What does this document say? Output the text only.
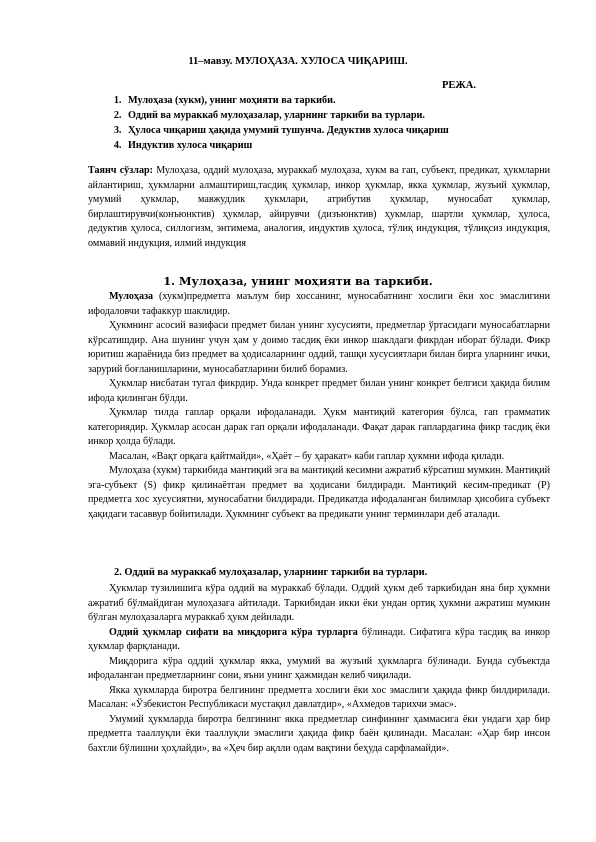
11–мавзу. МУЛОҲАЗА. ХУЛОСА ЧИҚАРИШ.
РЕЖА.
1. Мулоҳаза (хукм), унинг моҳияти ва таркиби.
2. Оддий ва мураккаб мулоҳазалар, уларнинг таркиби ва турлари.
3. Ҳулоса чиқариш ҳақида умумий тушунча. Дедуктив хулоса чиқариш
4. Индуктив хулоса чиқариш

Таянч сўзлар: Мулоҳаза, оддий мулоҳаза, мураккаб мулоҳаза, хукм ва гап, субъект, предикат, ҳукмларни айлантириш, ҳукмларни алмаштириш,тасдиқ ҳукмлар, инкор ҳукмлар, якка ҳукмлар, жузъий ҳукмлар, умумий ҳукмлар, мавжудлик ҳукмлари, атрибутив ҳукмлар, муносабат ҳукмлар, бирлаштирувчи(конъюнктив) ҳукмлар, айирувчи (дизъюнктив) ҳукмлар, шартли ҳукмлар, ҳулоса, дедуктив ҳулоса, силлогизм, энтимема, аналогия, индуктив ҳулоса, тўлиқ индукция, тўлиқсиз индукция, оммавий индукция, илмий индукция

1. Мулоҳаза, унинг моҳияти ва таркиби.

Мулоҳаза (хукм)предметга маълум бир хоссанинг, муносабатнинг хослиги ёки хос эмаслигини ифодаловчи тафаккур шаклидир.

Ҳукмнинг асосий вазифаси предмет билан унинг хусусияти, предметлар ўртасидаги муносабатларни кўрсатишдир. Ана шунинг учун ҳам у доимо тасдиқ ёки инкор шаклдаги фикрдан иборат бўлади. Фикр юритиш жараёнида биз предмет ва ҳодисаларнинг оддий, ташқи хусусиятлари билан бирга уларнинг ички, зарурий боғланишларини, муносабатларини билиб борамиз.

Ҳукмлар нисбатан тугал фикрдир. Унда конкрет предмет билан унинг конкрет белгиси ҳақида билим ифода қилинган бўлди.

Ҳукмлар тилда гаплар орқали ифодаланади. Ҳукм мантиқий категория бўлса, гап грамматик категориядир. Ҳукмлар асосан дарак гап орқали ифодаланади. Фақат дарак гаплардагина фикр тасдиқ ёки инкор ҳолда бўлади.

Масалан, «Вақт орқага қайтмайди», «Ҳаёт – бу ҳаракат» каби гаплар ҳукмни ифода қилади.

Мулоҳаза (хукм) таркибида мантиқий эга ва мантиқий кесимни ажратиб кўрсатиш мумкин. Мантиқий эга-субъект (S) фикр қилинаётган предмет ва ҳодисани билдиради. Мантиқий кесим-предикат (P) предметга хос хусусиятни, муносабатни билдиради. Предикатда ифодаланган билимлар ҳисобига субъект ҳақидаги тасаввур бойитилади. Ҳукмнинг субъект ва предикати унинг терминлари деб аталади.

2. Оддий ва мураккаб мулоҳазалар, уларнинг таркиби ва турлари.

Ҳукмлар тузилишига кўра оддий ва мураккаб бўлади. Оддий ҳукм деб таркибидан яна бир ҳукмни ажратиб бўлмайдиган мулоҳазага айтилади. Таркибидан икки ёки ундан ортиқ ҳукмни ажратиш мумкин бўлган мулоҳазаларга мураккаб ҳукм дейилади.

Оддий ҳукмлар сифати ва миқдорига кўра турларга бўлинади. Сифатига кўра тасдиқ ва инкор ҳукмлар фарқланади.

Миқдорига кўра оддий ҳукмлар якка, умумий ва жузъий ҳукмларга бўлинади. Бунда субъектда ифодаланган предметларнинг сони, яъни унинг ҳажмидан келиб чиқилади.

Якка ҳукмларда биротра белгининг предметга хослиги ёки хос эмаслиги ҳақида фикр билдирилади. Масалан: «Ўзбекистон Республикаси мустақил давлатдир», «Ахмедов тарихчи эмас».

Умумий ҳукмларда биротра белгининг якка предметлар синфининг ҳаммасига ёки ундаги ҳар бир предметга тааллуқли ёки тааллуқли эмаслиги ҳақида фикр баён қилинади. Масалан: «Ҳар бир инсон бахтли бўлишни ҳоҳлайди», ва «Ҳеч бир ақлли одам вақтини беҳуда сарфламайди».
